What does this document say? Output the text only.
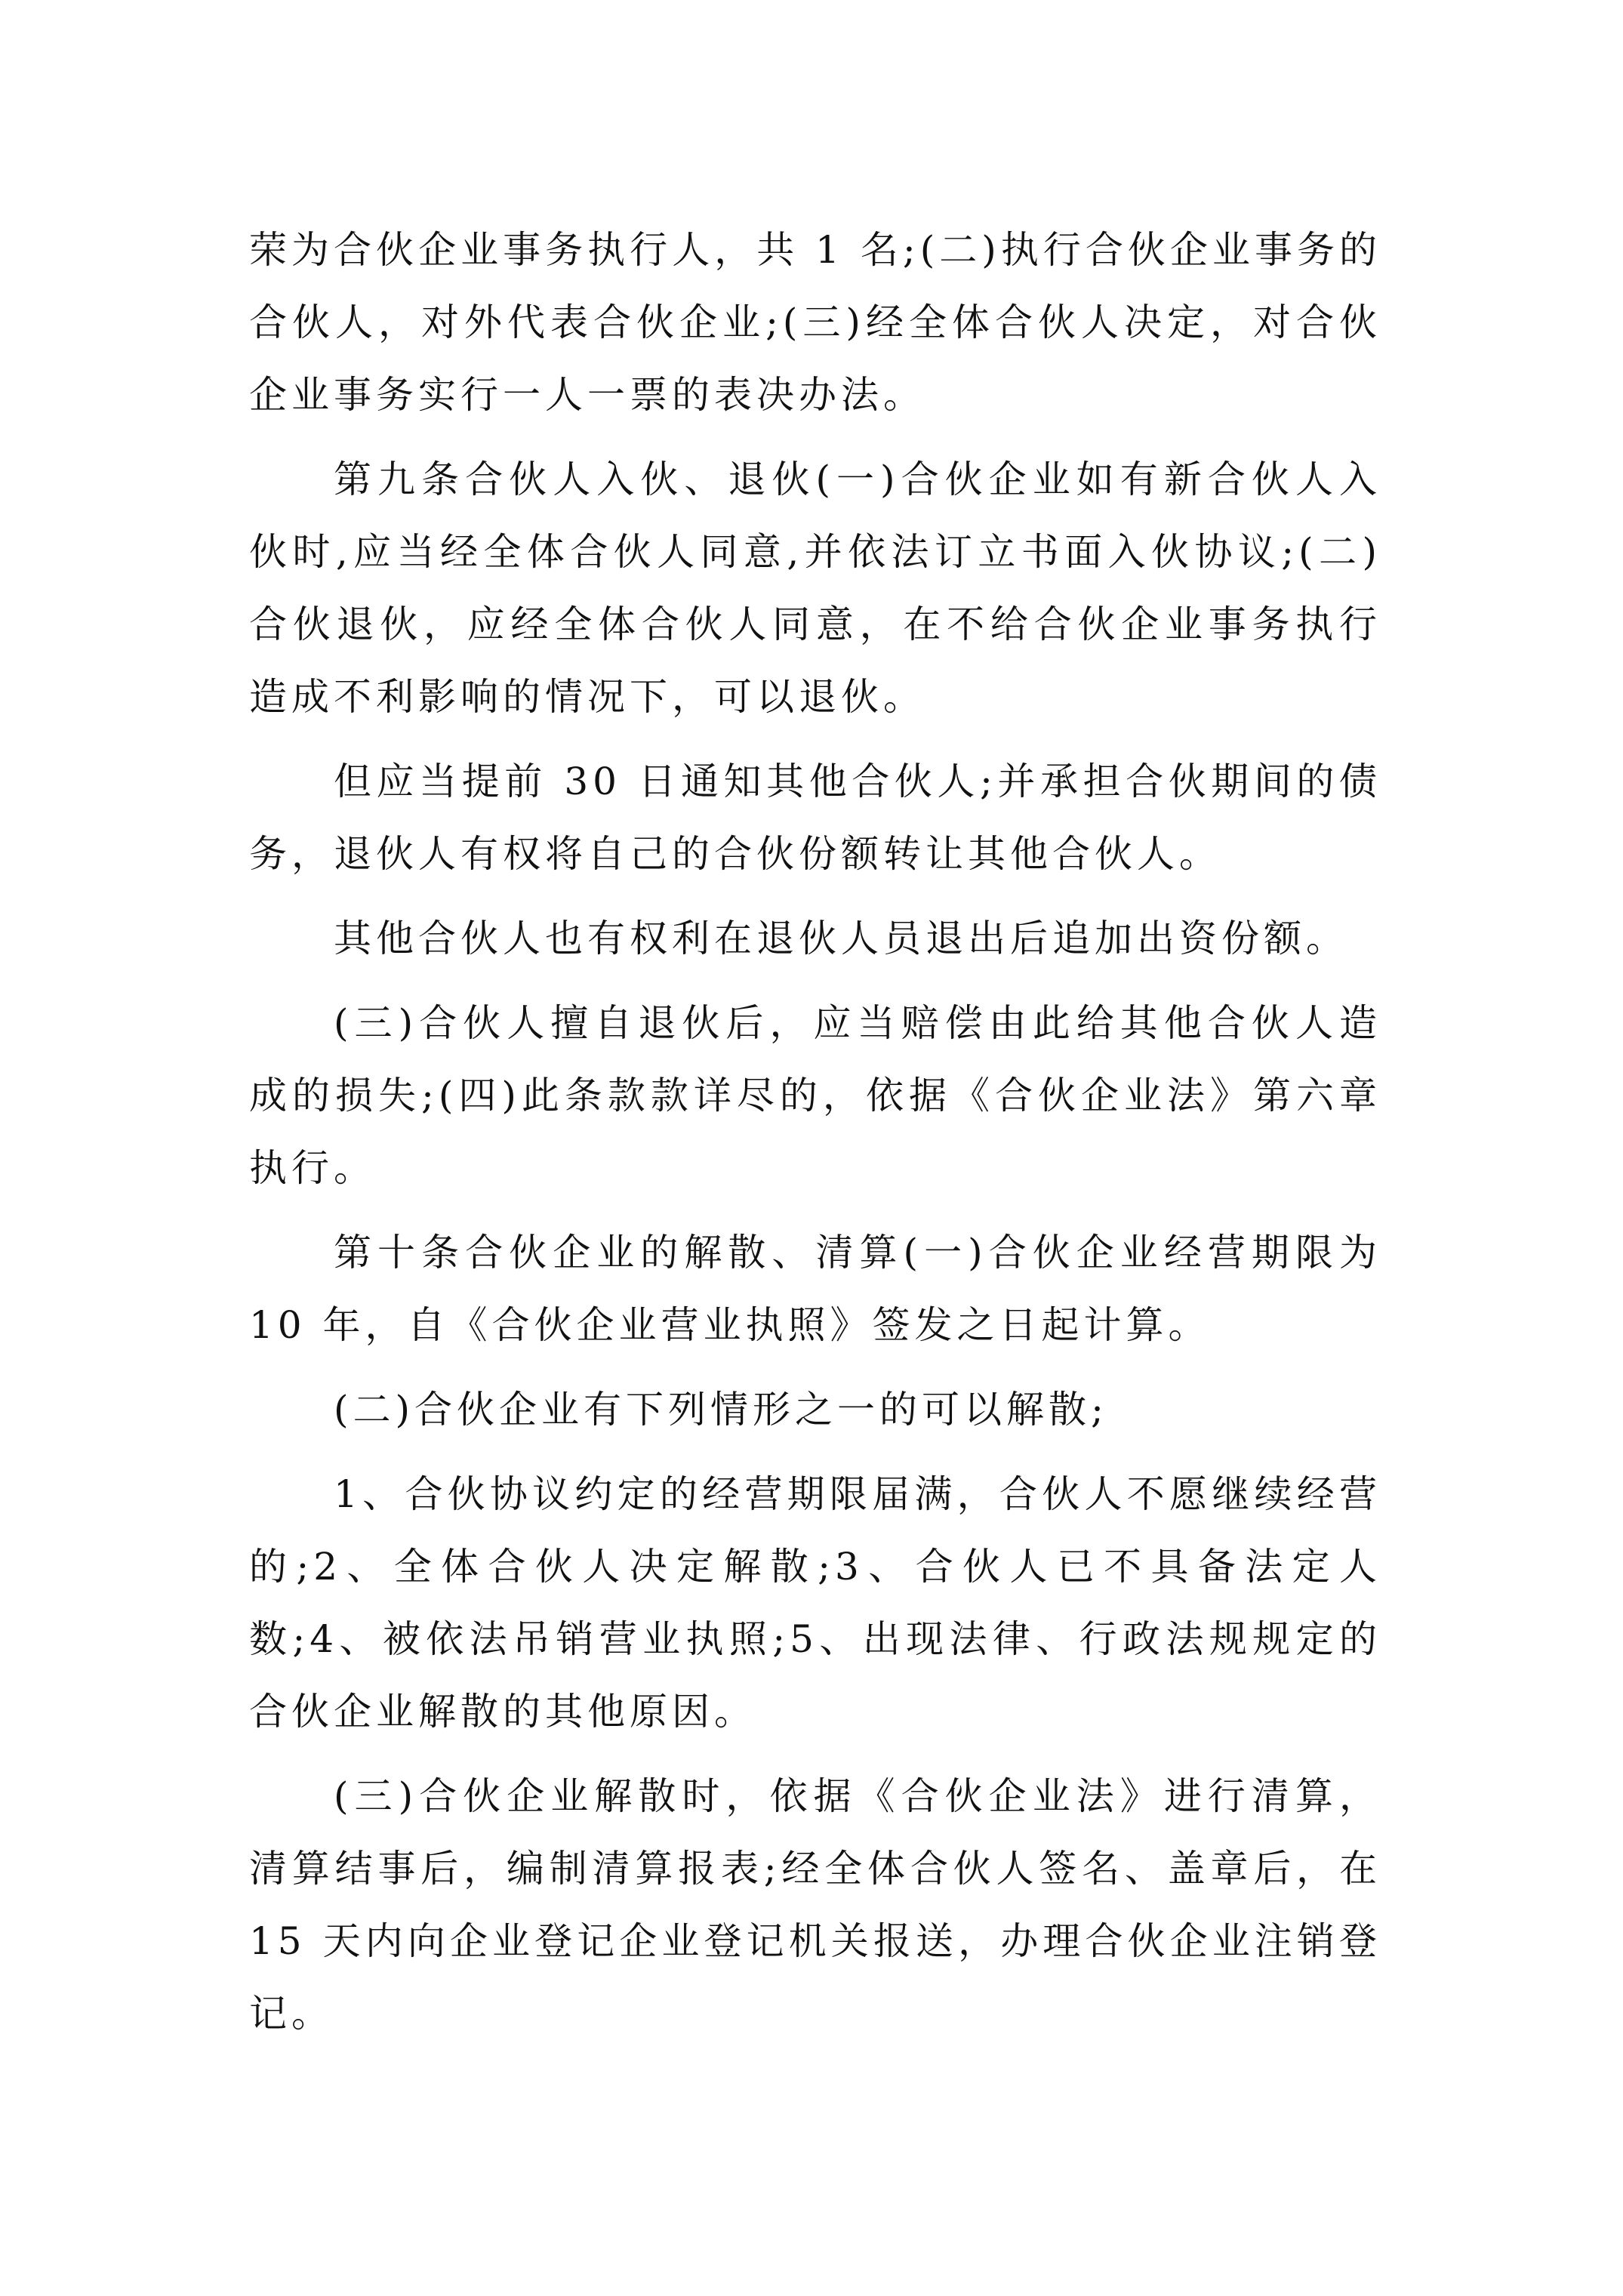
荣为合伙企业事务执行人，共 1 名;(二)执行合伙企业事务的合伙人，对外代表合伙企业;(三)经全体合伙人决定，对合伙企业事务实行一人一票的表决办法。

第九条合伙人入伙、退伙(一)合伙企业如有新合伙人入伙时,应当经全体合伙人同意,并依法订立书面入伙协议;(二)合伙退伙，应经全体合伙人同意，在不给合伙企业事务执行造成不利影响的情况下，可以退伙。

但应当提前 30 日通知其他合伙人;并承担合伙期间的债务，退伙人有权将自己的合伙份额转让其他合伙人。

其他合伙人也有权利在退伙人员退出后追加出资份额。

(三)合伙人擅自退伙后，应当赔偿由此给其他合伙人造成的损失;(四)此条款款详尽的，依据《合伙企业法》第六章执行。

第十条合伙企业的解散、清算(一)合伙企业经营期限为10 年，自《合伙企业营业执照》签发之日起计算。

(二)合伙企业有下列情形之一的可以解散;

1、合伙协议约定的经营期限届满，合伙人不愿继续经营的;2、全体合伙人决定解散;3、合伙人已不具备法定人数;4、被依法吊销营业执照;5、出现法律、行政法规规定的合伙企业解散的其他原因。

(三)合伙企业解散时，依据《合伙企业法》进行清算，清算结事后，编制清算报表;经全体合伙人签名、盖章后，在 15 天内向企业登记企业登记机关报送，办理合伙企业注销登记。
